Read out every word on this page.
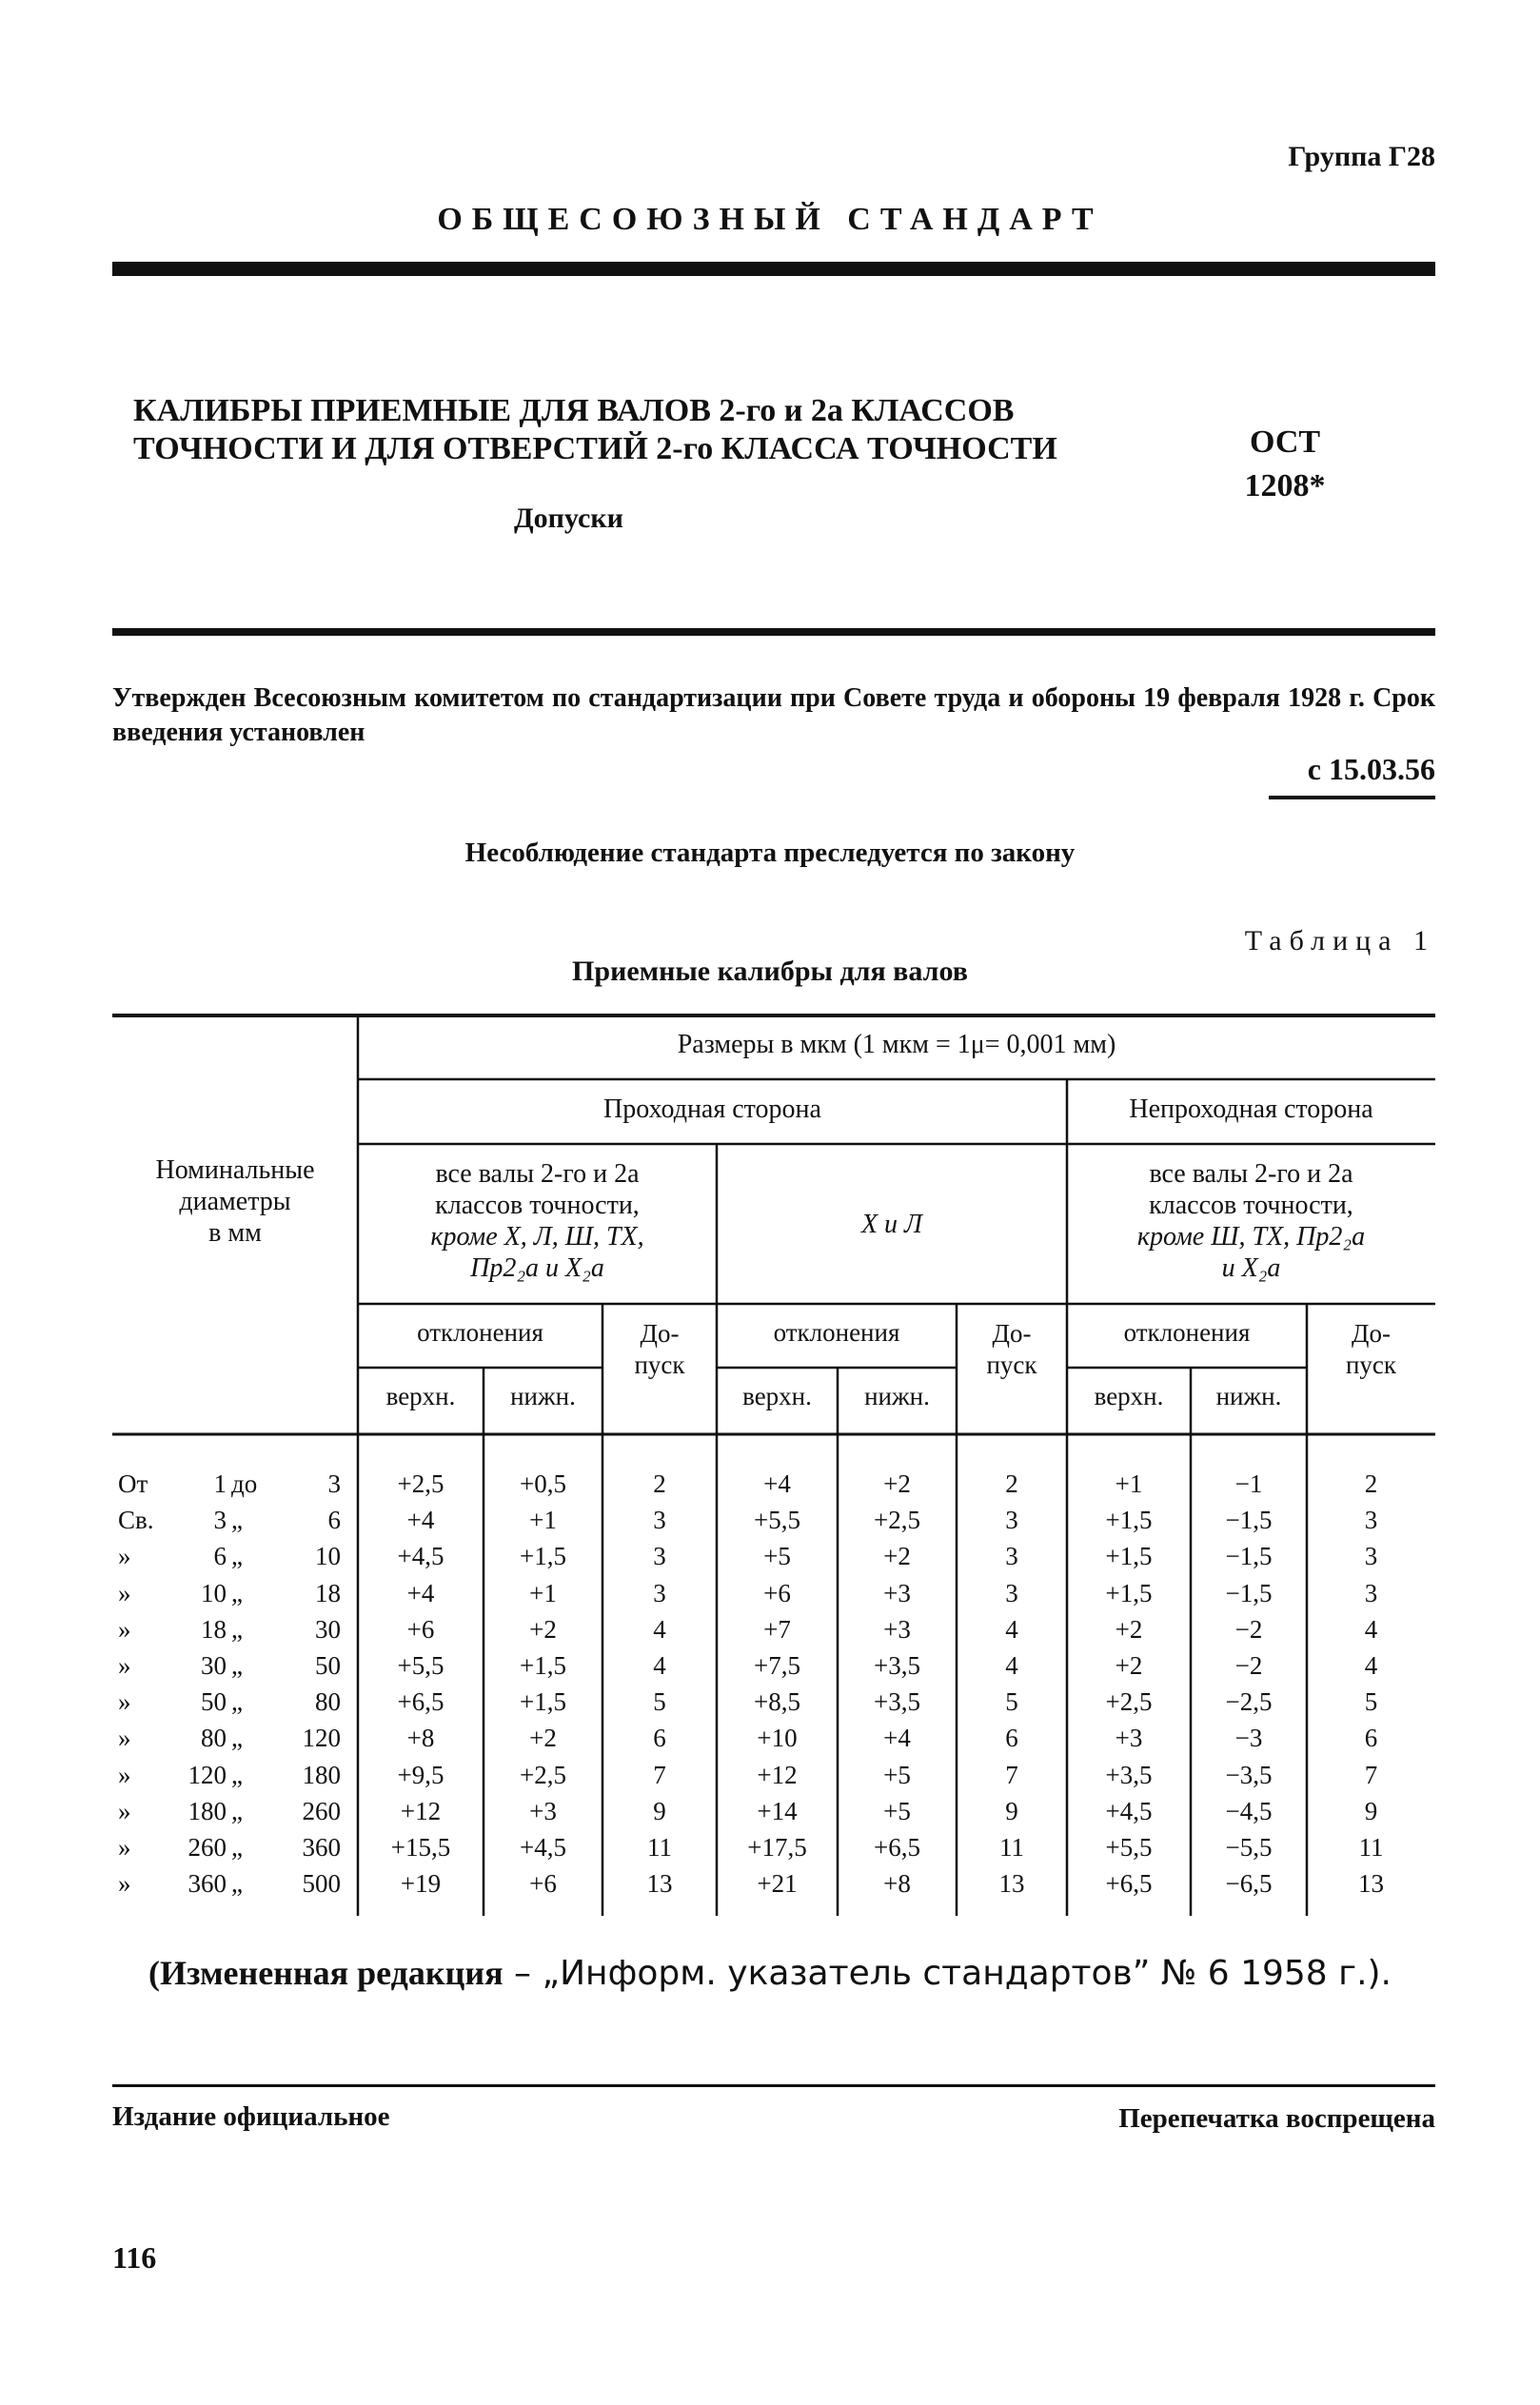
Группа Г28
ОБЩЕСОЮЗНЫЙ СТАНДАРТ
КАЛИБРЫ ПРИЕМНЫЕ ДЛЯ ВАЛОВ 2-го и 2а КЛАССОВ
ТОЧНОСТИ И ДЛЯ ОТВЕРСТИЙ 2-го КЛАССА ТОЧНОСТИ	ОСТ
1208*
Допуски
Утвержден Всесоюзным комитетом по стандартизации при Совете труда и обороны 19 февраля 1928 г. Срок введения установлен
с 15.03.56
Несоблюдение стандарта преследуется по закону
Таблица 1
Приемные калибры для валов
Номинальные
диаметры
в мм
Размеры в мкм (1 мкм = 1μ= 0,001 мм)
Проходная сторона	Непроходная сторона
все валы 2-го и 2а
классов точности,
кроме Х, Л, Ш, ТХ,
Пр2₂а и Х₂а
Х и Л
все валы 2-го и 2а
классов точности,
кроме Ш, ТХ, Пр2₂а
и Х₂а
отклонения	отклонения	отклонения
До-
пуск
До-
пуск
До-
пуск
верхн.	нижн.	верхн.	нижн.	верхн.	нижн.
От	1 до	3	+2,5	+0,5	2	+4	+2	2	+1	−1	2
Св.	3 „	6	+4	+1	3	+5,5	+2,5	3	+1,5	−1,5	3
»	6 „	10	+4,5	+1,5	3	+5	+2	3	+1,5	−1,5	3
»	10 „	18	+4	+1	3	+6	+3	3	+1,5	−1,5	3
»	18 „	30	+6	+2	4	+7	+3	4	+2	−2	4
»	30 „	50	+5,5	+1,5	4	+7,5	+3,5	4	+2	−2	4
»	50 „	80	+6,5	+1,5	5	+8,5	+3,5	5	+2,5	−2,5	5
»	80 „	120	+8	+2	6	+10	+4	6	+3	−3	6
»	120 „	180	+9,5	+2,5	7	+12	+5	7	+3,5	−3,5	7
»	180 „	260	+12	+3	9	+14	+5	9	+4,5	−4,5	9
»	260 „	360	+15,5	+4,5	11	+17,5	+6,5	11	+5,5	−5,5	11
»	360 „	500	+19	+6	13	+21	+8	13	+6,5	−6,5	13
(Измененная редакция – „Информ. указатель стандартов” № 6 1958 г.).
Издание официальное	Перепечатка воспрещена
116
